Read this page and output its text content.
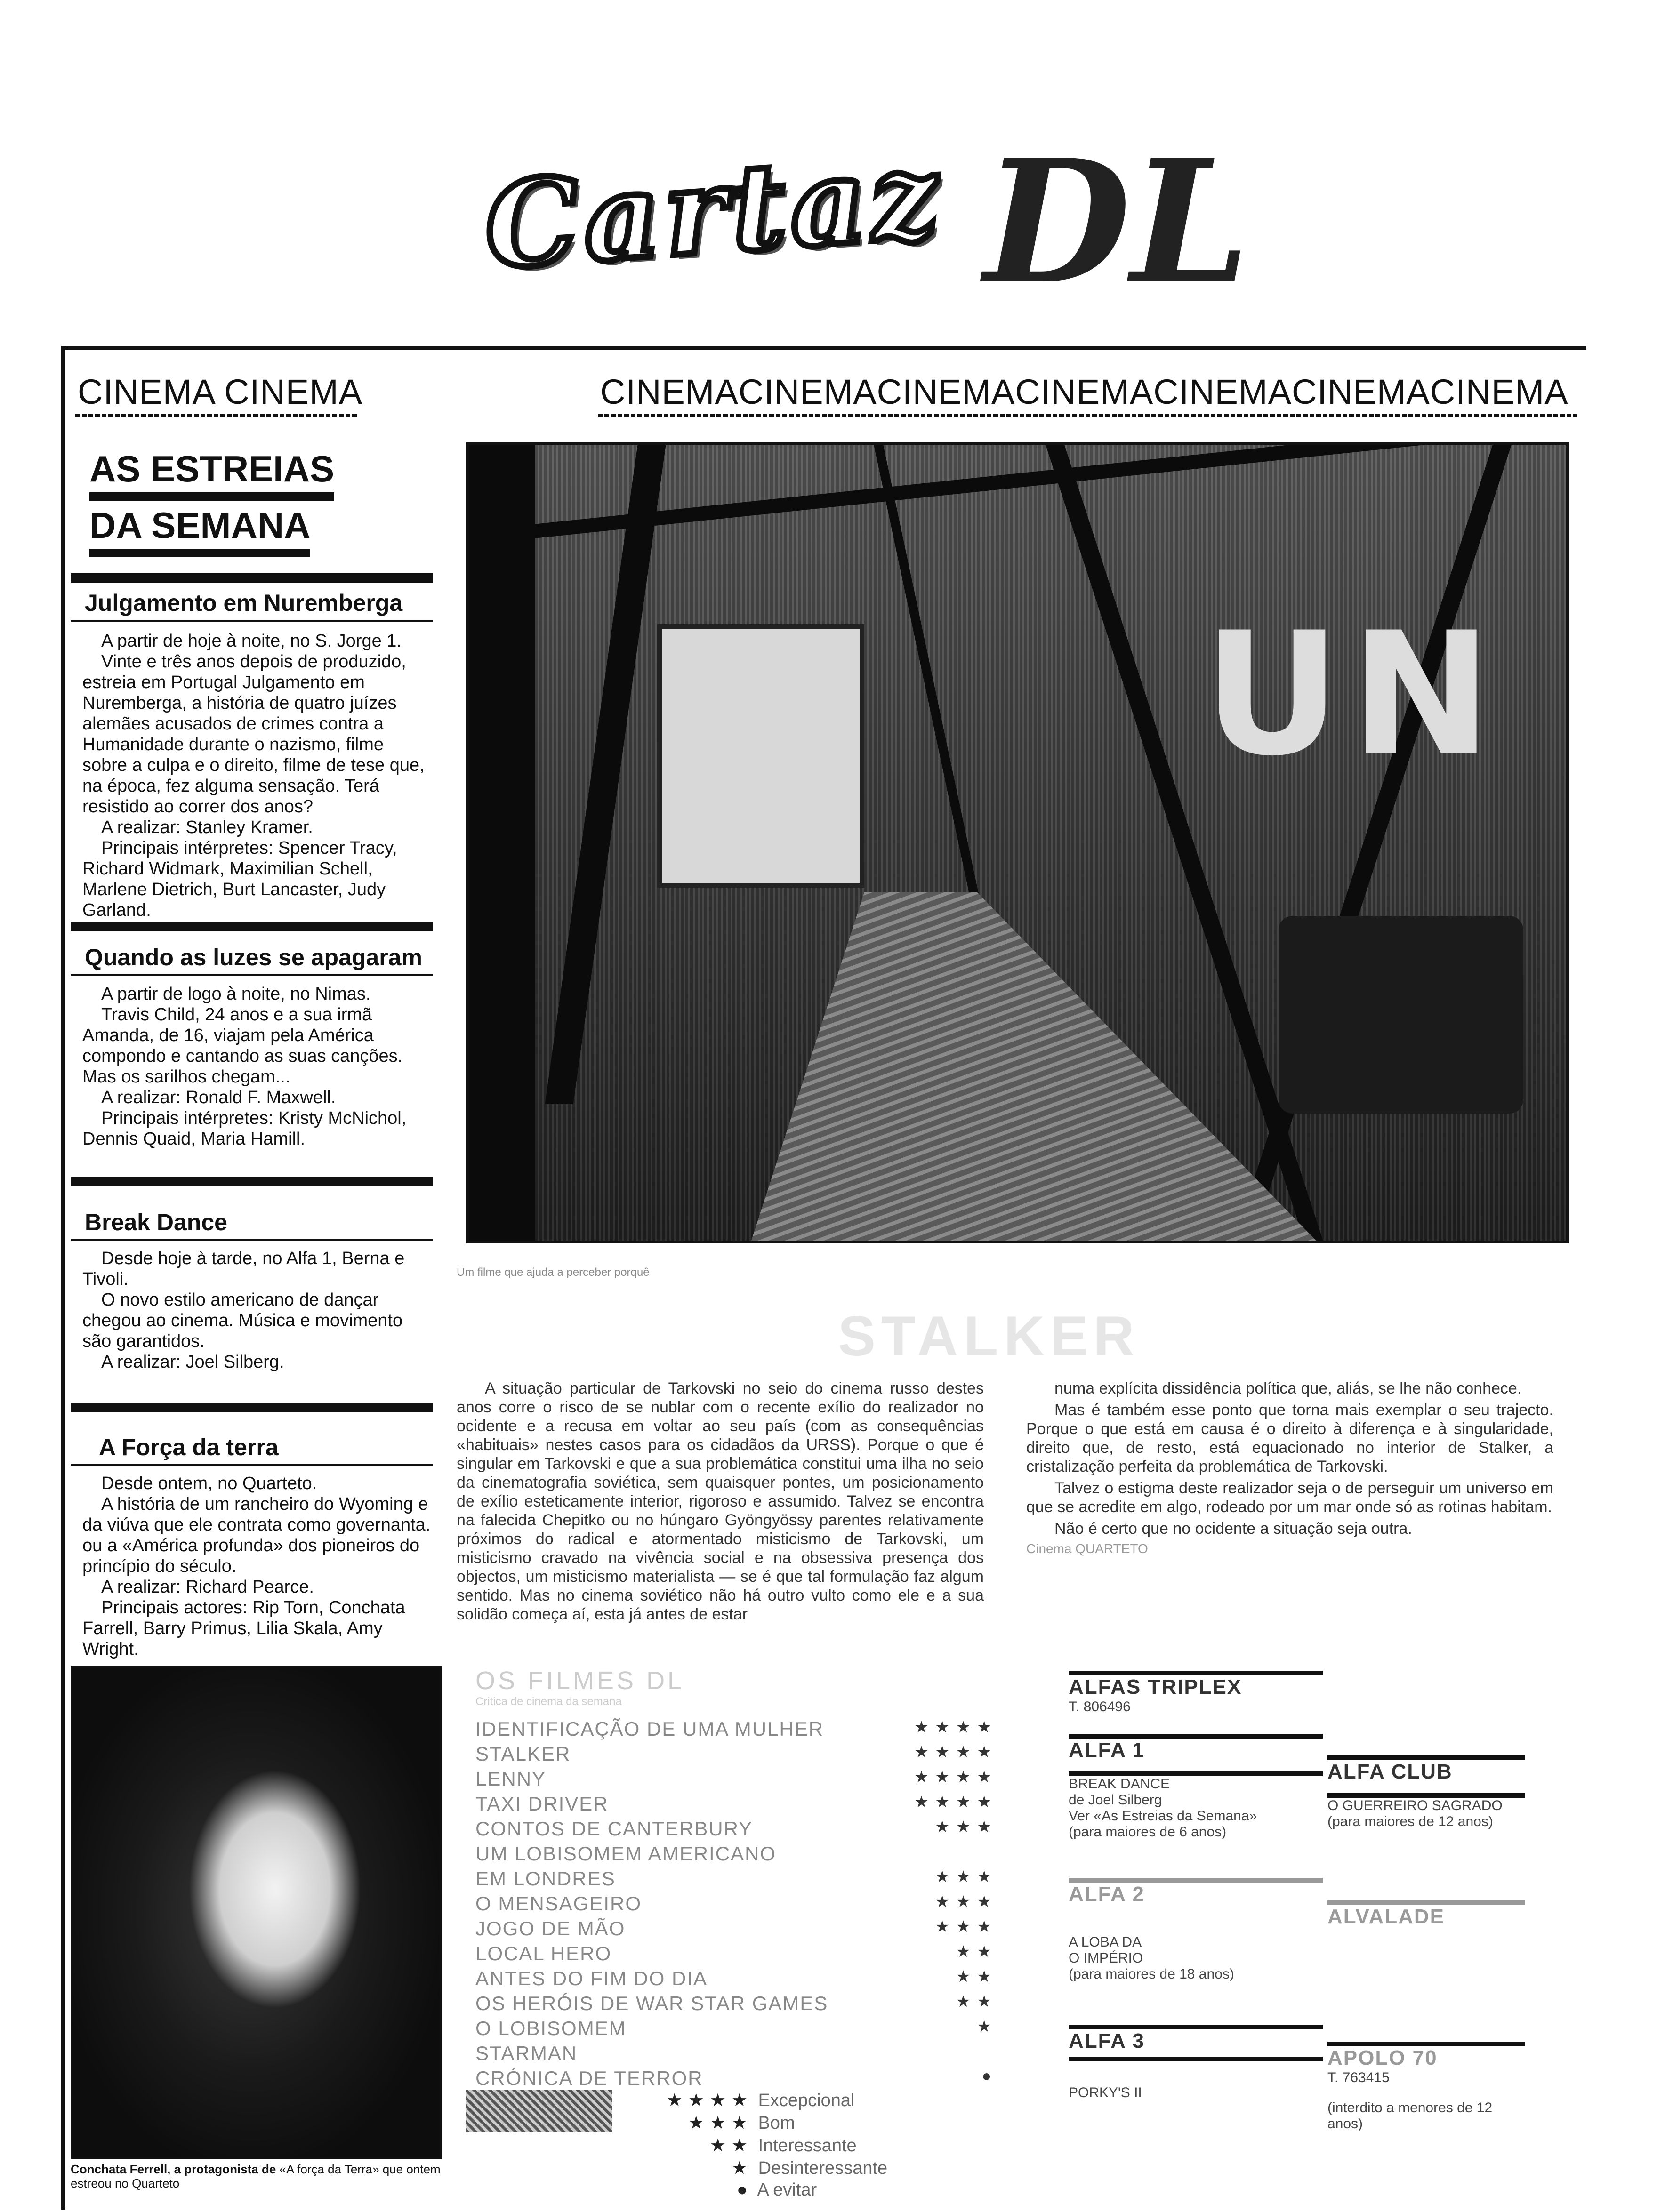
Cartaz DL
CINEMA CINEMA	CINEMACINEMACINEMACINEMACINEMACINEMACINEMA
AS ESTREIAS
DA SEMANA
Julgamento em Nuremberga

A partir de hoje à noite, no S. Jorge 1.

Vinte e três anos depois de produzido, estreia em Portugal Julgamento em Nuremberga, a história de quatro juízes alemães acusados de crimes contra a Humanidade durante o nazismo, filme sobre a culpa e o direito, filme de tese que, na época, fez alguma sensação. Terá resistido ao correr dos anos?

A realizar: Stanley Kramer.

Principais intérpretes: Spencer Tracy, Richard Widmark, Maximilian Schell, Marlene Dietrich, Burt Lancaster, Judy Garland.

Quando as luzes se apagaram

A partir de logo à noite, no Nimas.

Travis Child, 24 anos e a sua irmã Amanda, de 16, viajam pela América compondo e cantando as suas canções. Mas os sarilhos chegam...

A realizar: Ronald F. Maxwell.

Principais intérpretes: Kristy McNichol, Dennis Quaid, Maria Hamill.

Break Dance

Desde hoje à tarde, no Alfa 1, Berna e Tivoli.

O novo estilo americano de dançar chegou ao cinema. Música e movimento são garantidos.

A realizar: Joel Silberg.

A Força da terra

Desde ontem, no Quarteto.

A história de um rancheiro do Wyoming e da viúva que ele contrata como governanta. ou a «América profunda» dos pioneiros do princípio do século.

A realizar: Richard Pearce.

Principais actores: Rip Torn, Conchata Farrell, Barry Primus, Lilia Skala, Amy Wright.

UN
Um filme que ajuda a perceber porquê
STALKER

A situação particular de Tarkovski no seio do cinema russo destes anos corre o risco de se nublar com o recente exílio do realizador no ocidente e a recusa em voltar ao seu país (com as consequências «habituais» nestes casos para os cidadãos da URSS). Porque o que é singular em Tarkovski e que a sua problemática constitui uma ilha no seio da cinematografia soviética, sem quaisquer pontes, um posicionamento de exílio esteticamente interior, rigoroso e assumido. Talvez se encontra na falecida Chepitko ou no húngaro Gyöngyössy parentes relativamente próximos do radical e atormentado misticismo de Tarkovski, um misticismo cravado na vivência social e na obsessiva presença dos objectos, um misticismo materialista — se é que tal formulação faz algum sentido. Mas no cinema soviético não há outro vulto como ele e a sua solidão começa aí, esta já antes de estar

numa explícita dissidência política que, aliás, se lhe não conhece.

Mas é também esse ponto que torna mais exemplar o seu trajecto. Porque o que está em causa é o direito à diferença e à singularidade, direito que, de resto, está equacionado no interior de Stalker, a cristalização perfeita da problemática de Tarkovski.

Talvez o estigma deste realizador seja o de perseguir um universo em que se acredite em algo, rodeado por um mar onde só as rotinas habitam.

Não é certo que no ocidente a situação seja outra.

Cinema QUARTETO
OS FILMES DL
Critica de cinema da semana
IDENTIFICAÇÃO DE UMA MULHER	★★★★
STALKER	★★★★
LENNY	★★★★
TAXI DRIVER	★★★★
CONTOS DE CANTERBURY	★★★
UM LOBISOMEM AMERICANO
EM LONDRES	★★★
O MENSAGEIRO	★★★
JOGO DE MÃO	★★★
LOCAL HERO	★★
ANTES DO FIM DO DIA	★★
OS HERÓIS DE WAR STAR GAMES	★★
O LOBISOMEM	★
STARMAN
CRÓNICA DE TERROR	●
★★★★ Excepcional
★★★ Bom
★★ Interessante
★ Desinteressante
● A evitar
ALFAS TRIPLEX
T. 806496
ALFA 1
BREAK DANCE
de Joel Silberg
Ver «As Estreias da Semana»
(para maiores de 6 anos)
ALFA 2
A LOBA DA
O IMPÉRIO
(para maiores de 18 anos)
ALFA 3
PORKY'S II
ALFA CLUB
O GUERREIRO SAGRADO
(para maiores de 12 anos)
ALVALADE
APOLO 70
T. 763415
(interdito a menores de 12 anos)
Conchata Ferrell, a protagonista de «A força da Terra» que ontem estreou no Quarteto
